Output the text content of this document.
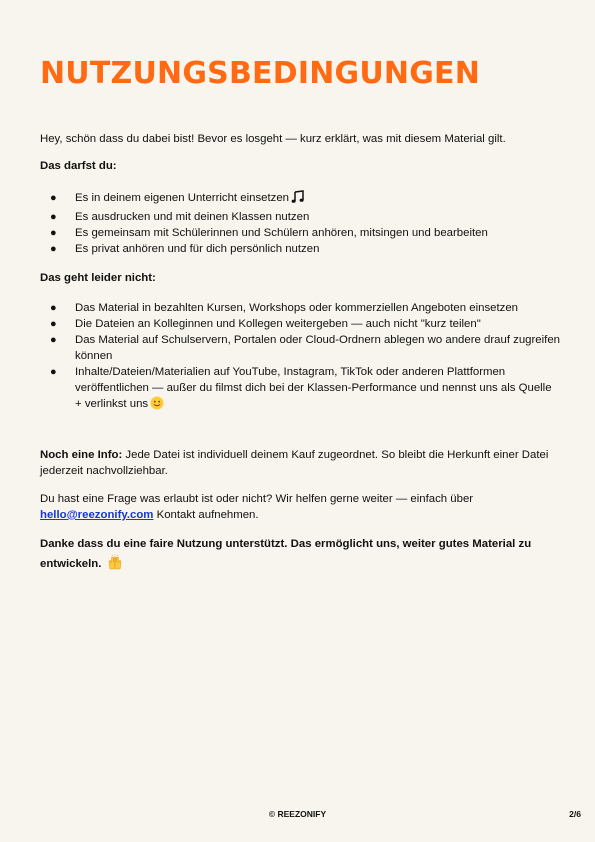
NUTZUNGSBEDINGUNGEN

Hey, schön dass du dabei bist! Bevor es losgeht — kurz erklärt, was mit diesem Material gilt.

Das darfst du:
● Es in deinem eigenen Unterricht einsetzen
● Es ausdrucken und mit deinen Klassen nutzen
● Es gemeinsam mit Schülerinnen und Schülern anhören, mitsingen und bearbeiten
● Es privat anhören und für dich persönlich nutzen
Das geht leider nicht:
● Das Material in bezahlten Kursen, Workshops oder kommerziellen Angeboten einsetzen
● Die Dateien an Kolleginnen und Kollegen weitergeben — auch nicht "kurz teilen"
● Das Material auf Schulservern, Portalen oder Cloud-Ordnern ablegen wo andere drauf zugreifen können
● Inhalte/Dateien/Materialien auf YouTube, Instagram, TikTok oder anderen Plattformen veröffentlichen — außer du filmst dich bei der Klassen-Performance und nennst uns als Quelle + verlinkst uns

Noch eine Info: Jede Datei ist individuell deinem Kauf zugeordnet. So bleibt die Herkunft einer Datei jederzeit nachvollziehbar.

Du hast eine Frage was erlaubt ist oder nicht? Wir helfen gerne weiter — einfach über hello@reezonify.com Kontakt aufnehmen.

Danke dass du eine faire Nutzung unterstützt. Das ermöglicht uns, weiter gutes Material zu entwickeln.

© REEZONIFY	2/6
